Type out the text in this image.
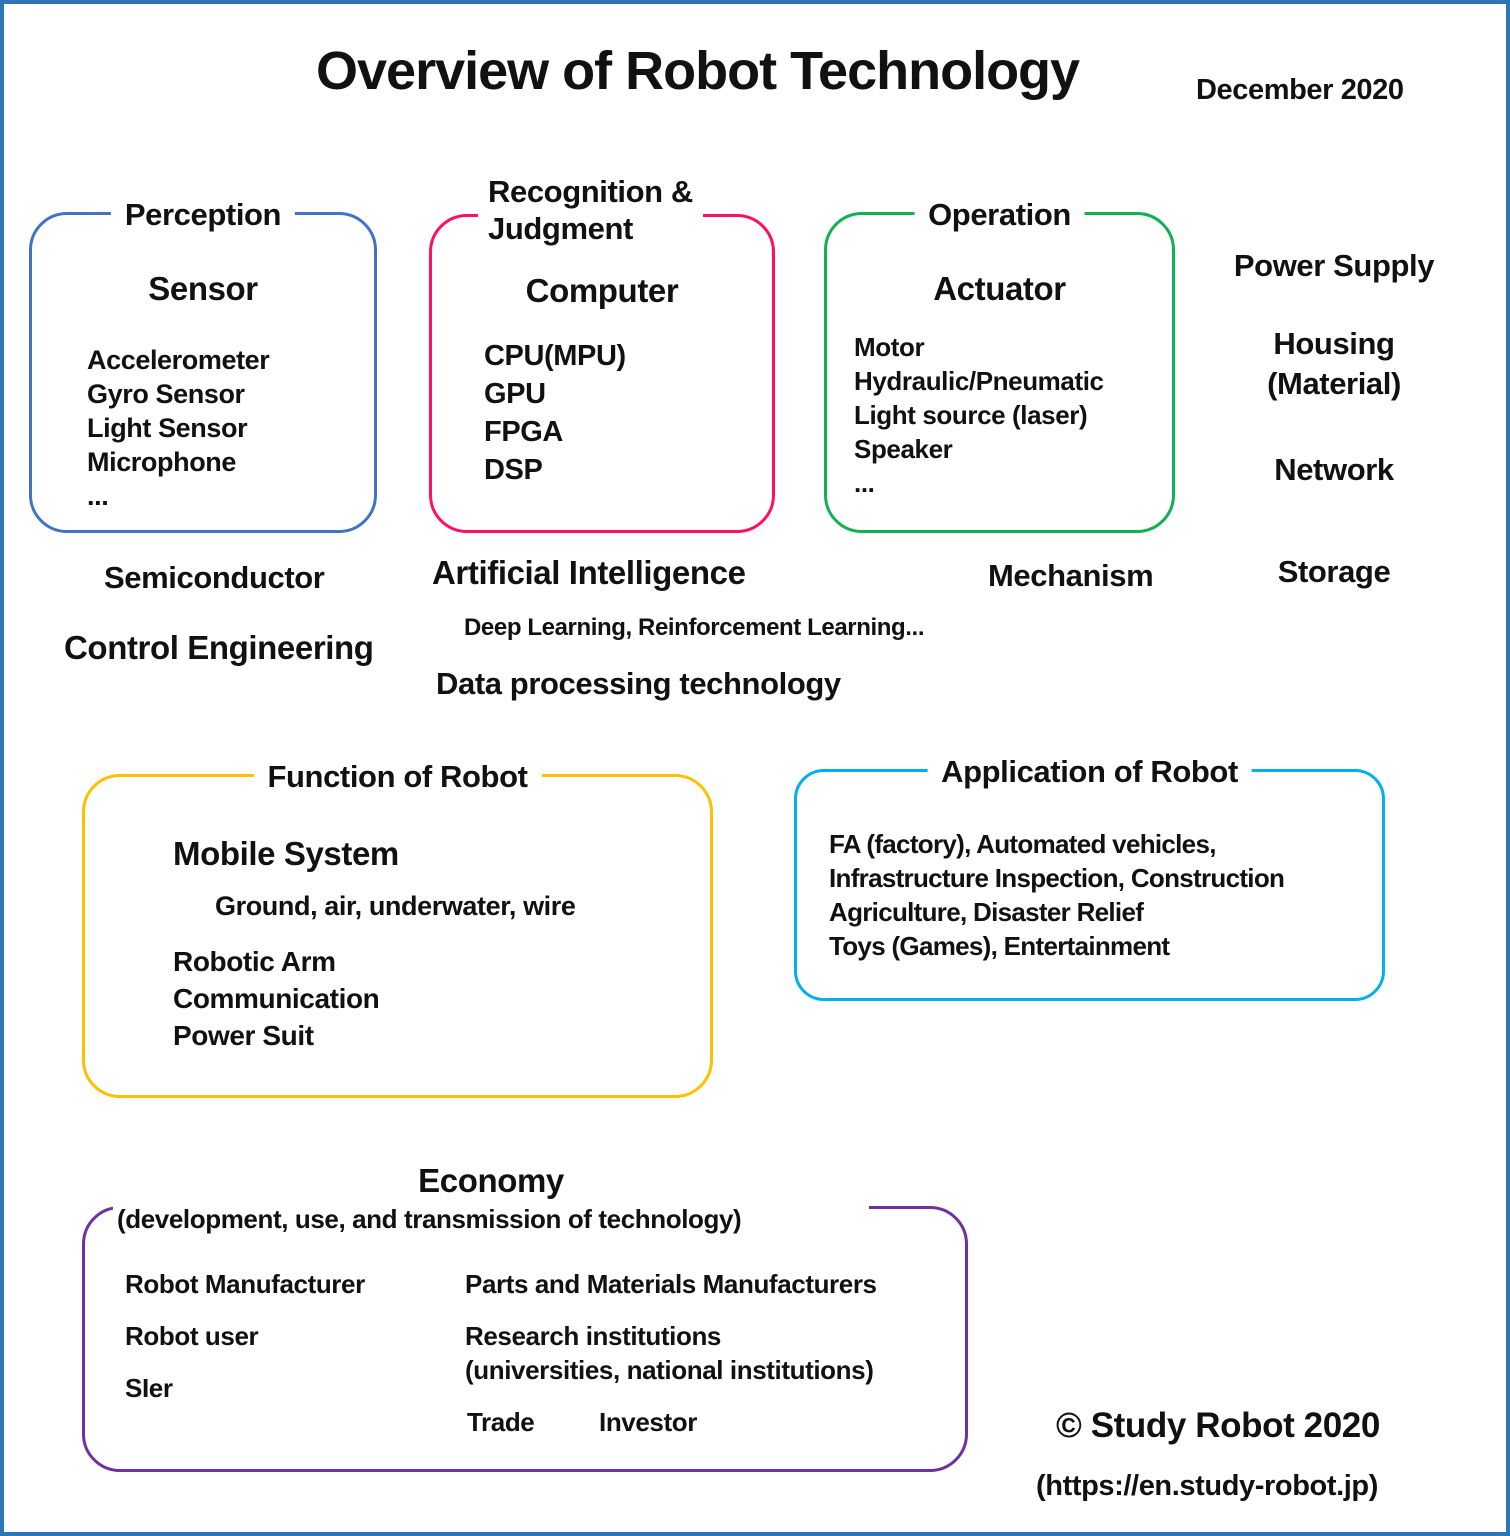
Overview of Robot Technology	December 2020
Perception
Sensor
Accelerometer
Gyro Sensor
Light Sensor
Microphone
...
Recognition &
Judgment
Computer
CPU(MPU)
GPU
FPGA
DSP
Operation
Actuator
Motor
Hydraulic/Pneumatic
Light source (laser)
Speaker
...
Power Supply
Housing
(Material)
Network
Storage
Semiconductor	Artificial Intelligence	Mechanism
Control Engineering
Deep Learning, Reinforcement Learning...
Data processing technology
Function of Robot
Mobile System
Ground, air, underwater, wire
Robotic Arm
Communication
Power Suit
Application of Robot
FA (factory), Automated vehicles,
Infrastructure Inspection, Construction
Agriculture, Disaster Relief
Toys (Games), Entertainment
Economy
(development, use, and transmission of technology)
Robot Manufacturer
Robot user
SIer
Parts and Materials Manufacturers
Research institutions
(universities, national institutions)
Trade Investor	© Study Robot 2020
(https://en.study-robot.jp)
